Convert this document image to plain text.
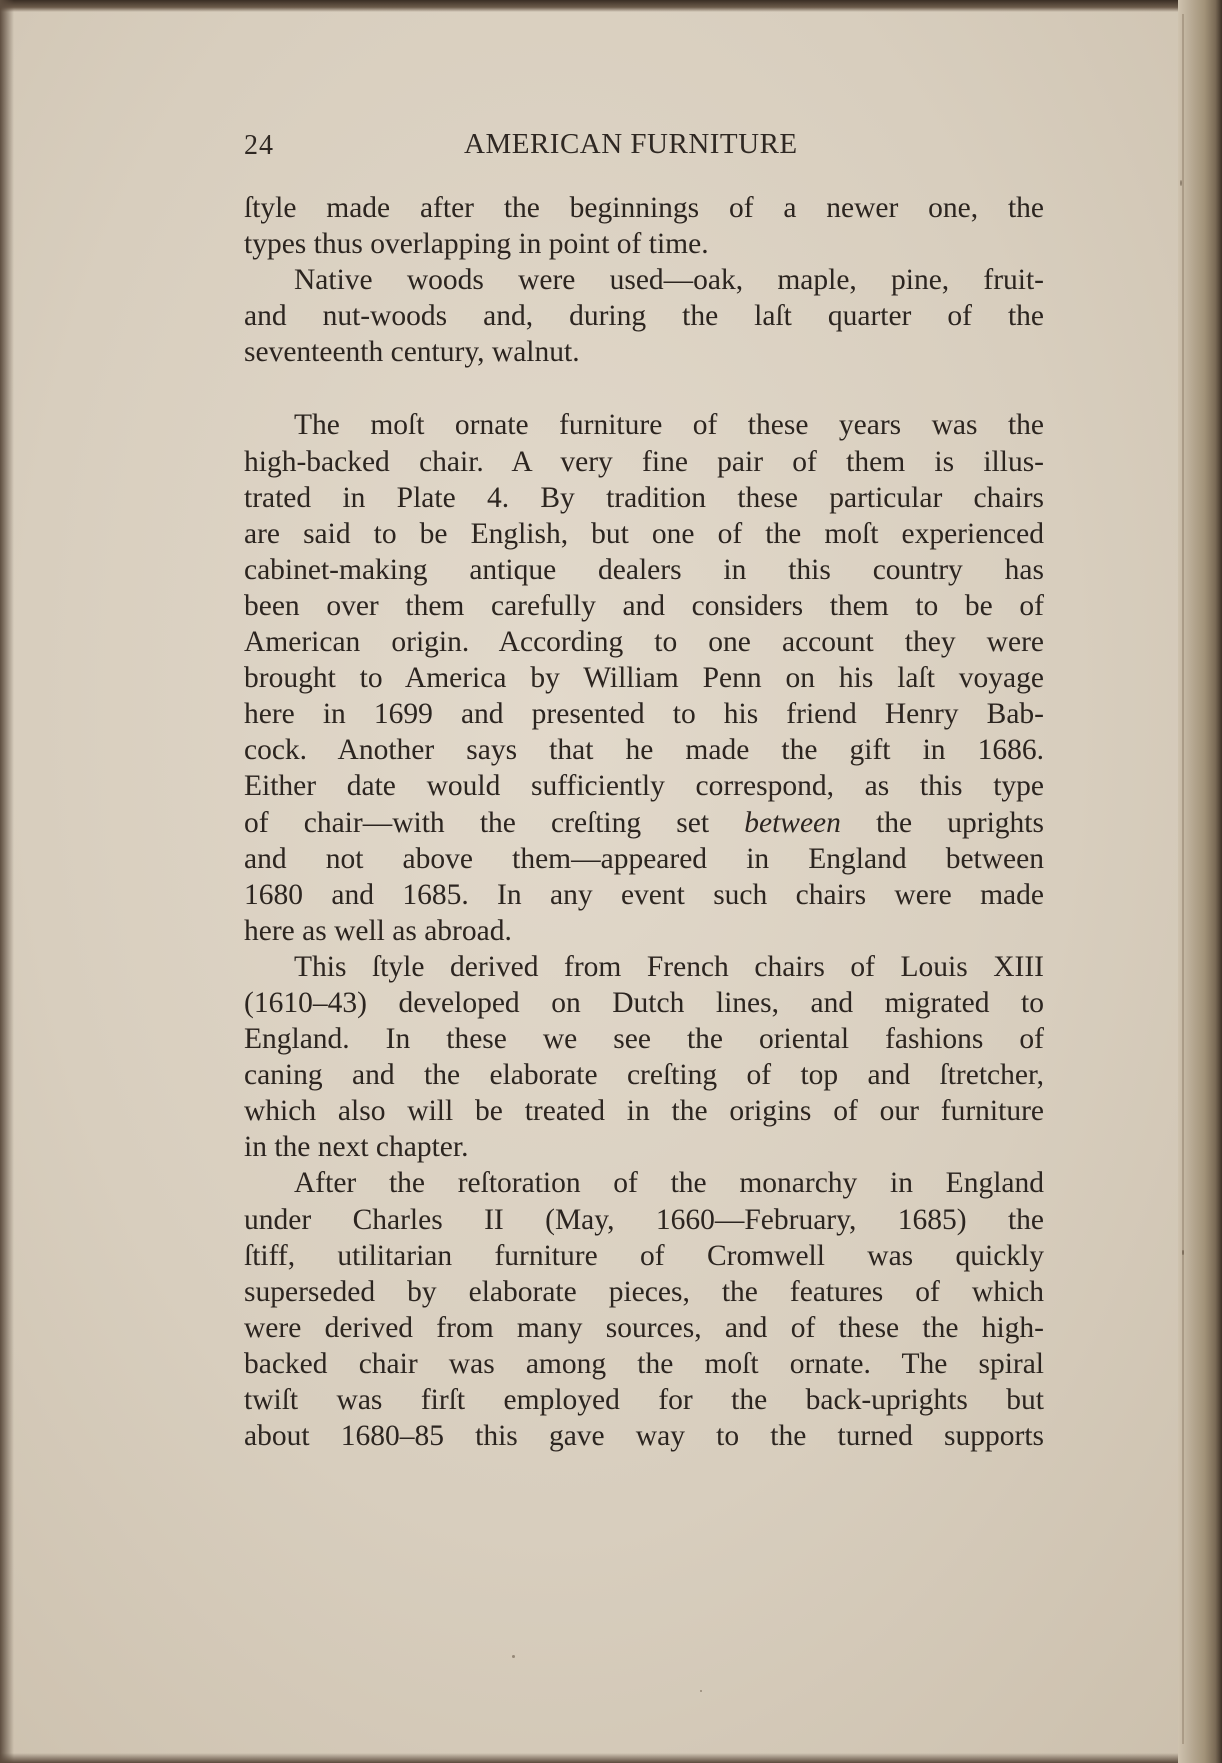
24	AMERICAN FURNITURE
ſtyle made after the beginnings of a newer one, the
types thus overlapping in point of time.
Native woods were used—oak, maple, pine, fruit-
and nut-woods and, during the laſt quarter of the
seventeenth century, walnut.
The moſt ornate furniture of these years was the
high-backed chair. A very fine pair of them is illus-
trated in Plate 4. By tradition these particular chairs
are said to be English, but one of the moſt experienced
cabinet-making antique dealers in this country has
been over them carefully and considers them to be of
American origin. According to one account they were
brought to America by William Penn on his laſt voyage
here in 1699 and presented to his friend Henry Bab-
cock. Another says that he made the gift in 1686.
Either date would sufficiently correspond, as this type
of chair—with the creſting set between the uprights
and not above them—appeared in England between
1680 and 1685. In any event such chairs were made
here as well as abroad.
This ſtyle derived from French chairs of Louis XIII
(1610–43) developed on Dutch lines, and migrated to
England. In these we see the oriental fashions of
caning and the elaborate creſting of top and ſtretcher,
which also will be treated in the origins of our furniture
in the next chapter.
After the reſtoration of the monarchy in England
under Charles II (May, 1660—February, 1685) the
ſtiff, utilitarian furniture of Cromwell was quickly
superseded by elaborate pieces, the features of which
were derived from many sources, and of these the high-
backed chair was among the moſt ornate. The spiral
twiſt was firſt employed for the back-uprights but
about 1680–85 this gave way to the turned supports
